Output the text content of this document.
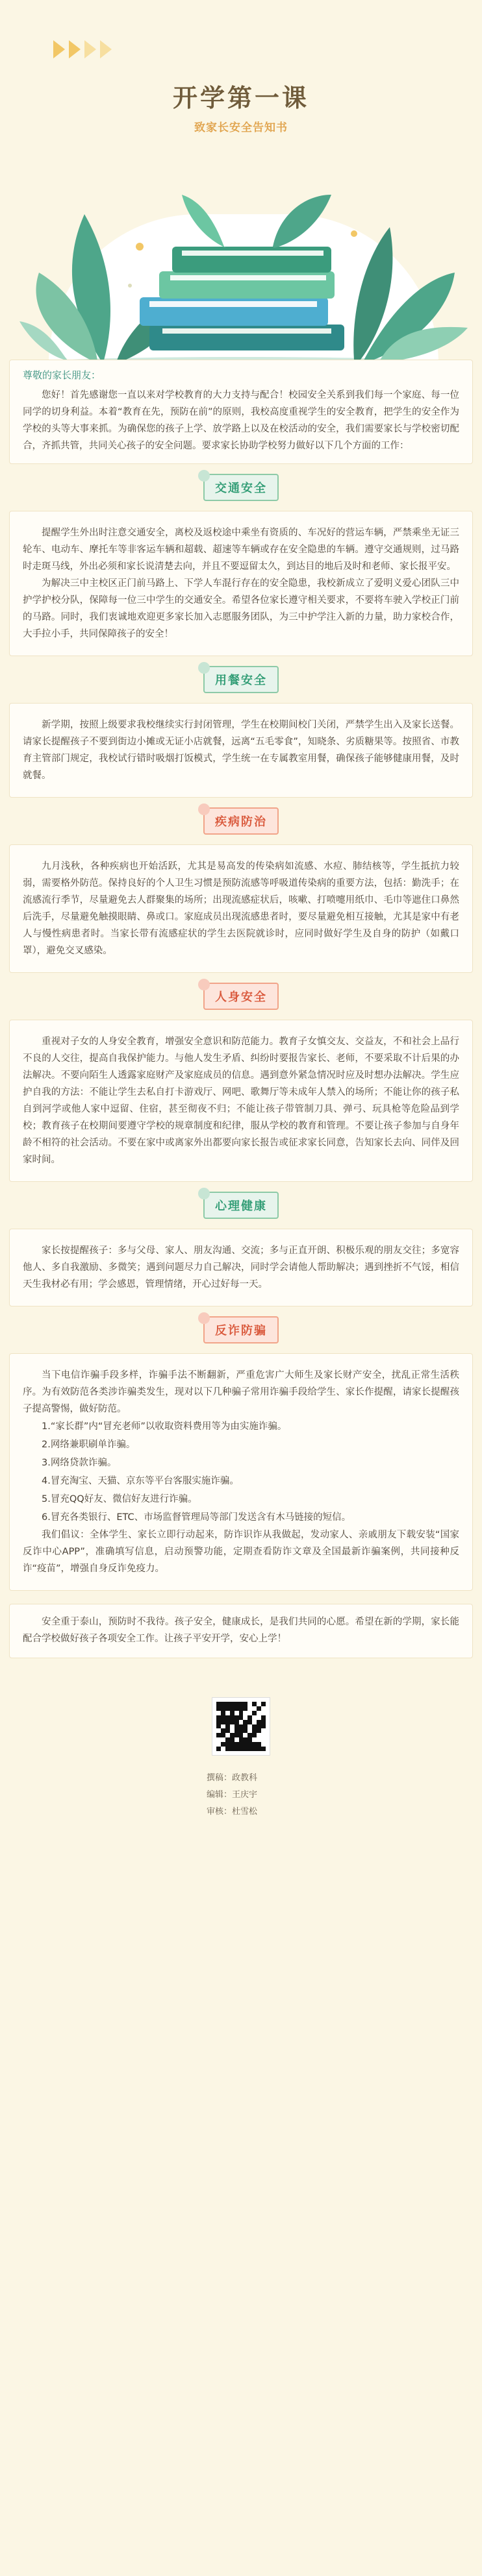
开学第一课
致家长安全告知书

尊敬的家长朋友：

您好！首先感谢您一直以来对学校教育的大力支持与配合！校园安全关系到我们每一个家庭、每一位同学的切身利益。本着“教育在先，预防在前”的原则，我校高度重视学生的安全教育，把学生的安全作为学校的头等大事来抓。为确保您的孩子上学、放学路上以及在校活动的安全，我们需要家长与学校密切配合，齐抓共管，共同关心孩子的安全问题。要求家长协助学校努力做好以下几个方面的工作：

交通安全

提醒学生外出时注意交通安全，离校及返校途中乘坐有资质的、车况好的营运车辆，严禁乘坐无证三轮车、电动车、摩托车等非客运车辆和超载、超速等车辆或存在安全隐患的车辆。遵守交通规则，过马路时走斑马线，外出必须和家长说清楚去向，并且不要逗留太久，到达目的地后及时和老师、家长报平安。

为解决三中主校区正门前马路上、下学人车混行存在的安全隐患，我校新成立了爱明义爱心团队三中护学护校分队，保障每一位三中学生的交通安全。希望各位家长遵守相关要求，不要将车驶入学校正门前的马路。同时，我们衷诚地欢迎更多家长加入志愿服务团队，为三中护学注入新的力量，助力家校合作，大手拉小手，共同保障孩子的安全！

用餐安全

新学期，按照上级要求我校继续实行封闭管理，学生在校期间校门关闭，严禁学生出入及家长送餐。请家长提醒孩子不要到街边小摊或无证小店就餐，远离“五毛零食”，知晓条、劣质糖果等。按照省、市教育主管部门规定，我校试行错时吸烟打饭模式，学生统一在专属教室用餐，确保孩子能够健康用餐，及时就餐。

疾病防治

九月浅秋，各种疾病也开始活跃，尤其是易高发的传染病如流感、水痘、肺结核等，学生抵抗力较弱，需要格外防范。保持良好的个人卫生习惯是预防流感等呼吸道传染病的重要方法，包括：勤洗手；在流感流行季节，尽量避免去人群聚集的场所；出现流感症状后，咳嗽、打喷嚏用纸巾、毛巾等遮住口鼻然后洗手，尽量避免触摸眼睛、鼻或口。家庭成员出现流感患者时，要尽量避免相互接触，尤其是家中有老人与慢性病患者时。当家长带有流感症状的学生去医院就诊时，应同时做好学生及自身的防护（如戴口罩），避免交叉感染。

人身安全

重视对子女的人身安全教育，增强安全意识和防范能力。教育子女慎交友、交益友，不和社会上品行不良的人交往，提高自我保护能力。与他人发生矛盾、纠纷时要报告家长、老师，不要采取不计后果的办法解决。不要向陌生人透露家庭财产及家庭成员的信息。遇到意外紧急情况时应及时想办法解决。学生应护自我的方法：不能让学生去私自打卡游戏厅、网吧、歌舞厅等未成年人禁入的场所；不能让你的孩子私自到河学或他人家中逗留、住宿，甚至彻夜不归；不能让孩子带管制刀具、弹弓、玩具枪等危险品到学校；教育孩子在校期间要遵守学校的规章制度和纪律，服从学校的教育和管理。不要让孩子参加与自身年龄不相符的社会活动。不要在家中或离家外出都要向家长报告或征求家长同意，告知家长去向、同伴及回家时间。

心理健康

家长按提醒孩子：多与父母、家人、朋友沟通、交流；多与正直开朗、积极乐观的朋友交往；多宽容他人、多自我激励、多微笑；遇到问题尽力自己解决，同时学会请他人帮助解决；遇到挫折不气馁，相信天生我材必有用；学会感恩，管理情绪，开心过好每一天。

反诈防骗

当下电信诈骗手段多样，诈骗手法不断翻新，严重危害广大师生及家长财产安全，扰乱正常生活秩序。为有效防范各类涉诈骗类发生，现对以下几种骗子常用诈骗手段给学生、家长作提醒，请家长提醒孩子提高警惕，做好防范。

1.“家长群”内“冒充老师”以收取资料费用等为由实施诈骗。

2.网络兼职刷单诈骗。

3.网络贷款诈骗。

4.冒充淘宝、天猫、京东等平台客服实施诈骗。

5.冒充QQ好友、微信好友进行诈骗。

6.冒充各类银行、ETC、市场监督管理局等部门发送含有木马链接的短信。

我们倡议：全体学生、家长立即行动起来，防诈识诈从我做起，发动家人、亲戚朋友下载安装“国家反诈中心APP”，准确填写信息，启动预警功能，定期查看防诈文章及全国最新诈骗案例，共同接种反诈“疫苗”，增强自身反诈免疫力。

安全重于泰山，预防时不我待。孩子安全，健康成长，是我们共同的心愿。希望在新的学期，家长能配合学校做好孩子各项安全工作。让孩子平安开学，安心上学！

撰稿：政教科
编辑：王庆宇
审核：杜雪松
